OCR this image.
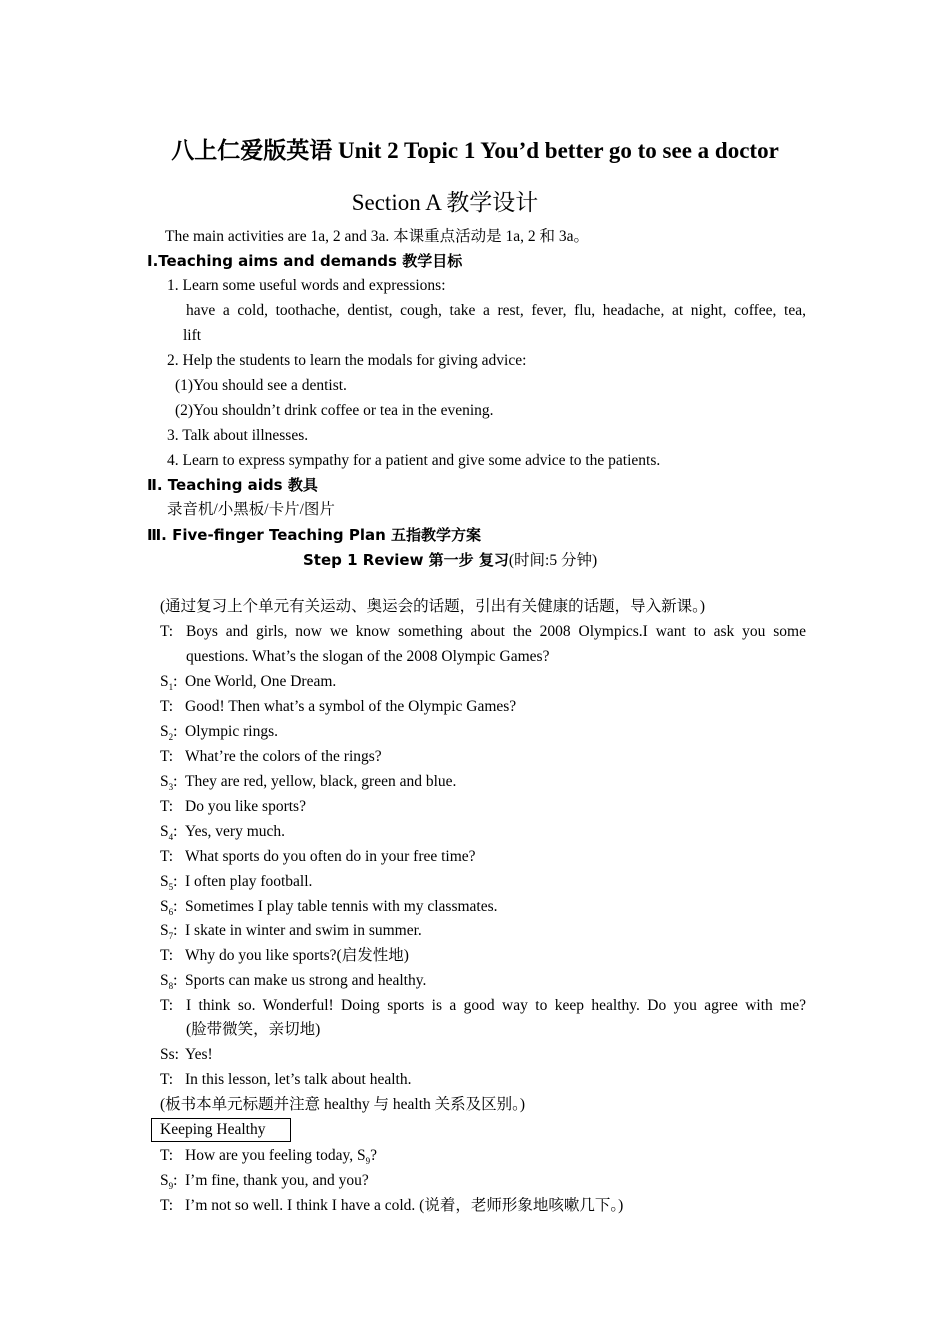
八上仁爱版英语 Unit 2 Topic 1 You’d better go to see a doctor
Section A 教学设计
The main activities are 1a, 2 and 3a. 本课重点活动是 1a, 2 和 3a。
Ⅰ.Teaching aims and demands 教学目标
1. Learn some useful words and expressions:
have a cold, toothache, dentist, cough, take a rest, fever, flu, headache, at night, coffee, tea,
lift
2. Help the students to learn the modals for giving advice:
(1)You should see a dentist.
(2)You shouldn’t drink coffee or tea in the evening.
3. Talk about illnesses.
4. Learn to express sympathy for a patient and give some advice to the patients.
Ⅱ. Teaching aids 教具
录音机/小黑板/卡片/图片
Ⅲ. Five-finger Teaching Plan 五指教学方案
Step 1 Review 第一步 复习(时间:5 分钟)
(通过复习上个单元有关运动、奥运会的话题，引出有关健康的话题，导入新课。)
T: Boys and girls, now we know something about the 2008 Olympics.I want to ask you some
questions. What’s the slogan of the 2008 Olympic Games?
$S_1$: One World, One Dream.
T: Good! Then what’s a symbol of the Olympic Games?
$S_2$: Olympic rings.
T: What’re the colors of the rings?
$S_3$: They are red, yellow, black, green and blue.
T: Do you like sports?
$S_4$: Yes, very much.
T: What sports do you often do in your free time?
$S_5$: I often play football.
$S_6$: Sometimes I play table tennis with my classmates.
$S_7$: I skate in winter and swim in summer.
T: Why do you like sports?(启发性地)
$S_8$: Sports can make us strong and healthy.
T: I think so. Wonderful! Doing sports is a good way to keep healthy. Do you agree with me?
(脸带微笑，亲切地)
Ss: Yes!
T: In this lesson, let’s talk about health.
(板书本单元标题并注意 healthy 与 health 关系及区别。)
Keeping Healthy
T: How are you feeling today, $S_9$?
$S_9$: I’m fine, thank you, and you?
T: I’m not so well. I think I have a cold. (说着，老师形象地咳嗽几下。)
